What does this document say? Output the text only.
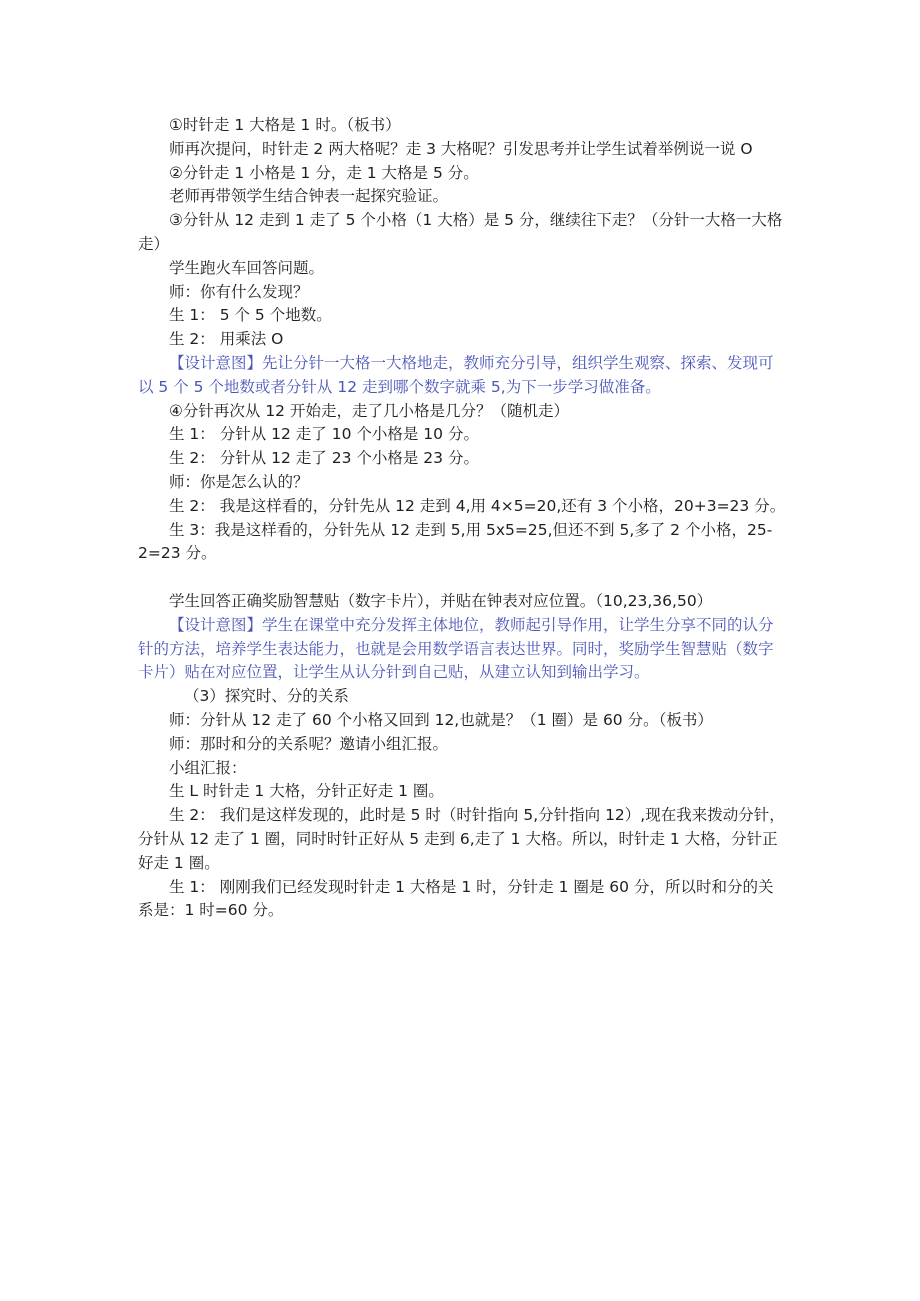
①时针走 1 大格是 1 时。（板书）

师再次提问，时针走 2 两大格呢？走 3 大格呢？引发思考并让学生试着举例说一说 O

②分针走 1 小格是 1 分，走 1 大格是 5 分。

老师再带领学生结合钟表一起探究验证。

③分针从 12 走到 1 走了 5 个小格（1 大格）是 5 分，继续往下走？（分针一大格一大格走）

学生跑火车回答问题。

师：你有什么发现？

生 1： 5 个 5 个地数。

生 2： 用乘法 O

【设计意图】先让分针一大格一大格地走，教师充分引导，组织学生观察、探索、发现可以 5 个 5 个地数或者分针从 12 走到哪个数字就乘 5,为下一步学习做准备。

④分针再次从 12 开始走，走了几小格是几分？（随机走）

生 1： 分针从 12 走了 10 个小格是 10 分。

生 2： 分针从 12 走了 23 个小格是 23 分。

师：你是怎么认的？

生 2： 我是这样看的，分针先从 12 走到 4,用 4×5=20,还有 3 个小格，20+3=23 分。

生 3：我是这样看的，分针先从 12 走到 5,用 5x5=25,但还不到 5,多了 2 个小格，25-2=23 分。

学生回答正确奖励智慧贴（数字卡片），并贴在钟表对应位置。（10,23,36,50）

【设计意图】学生在课堂中充分发挥主体地位，教师起引导作用，让学生分享不同的认分针的方法，培养学生表达能力，也就是会用数学语言表达世界。同时，奖励学生智慧贴（数字卡片）贴在对应位置，让学生从认分针到自己贴，从建立认知到输出学习。

（3）探究时、分的关系

师：分针从 12 走了 60 个小格又回到 12,也就是？（1 圈）是 60 分。（板书）

师：那时和分的关系呢？邀请小组汇报。

小组汇报：

生 L 时针走 1 大格，分针正好走 1 圈。

生 2： 我们是这样发现的，此时是 5 时（时针指向 5,分针指向 12）,现在我来拨动分针，分针从 12 走了 1 圈，同时时针正好从 5 走到 6,走了 1 大格。所以，时针走 1 大格，分针正好走 1 圈。

生 1： 刚刚我们已经发现时针走 1 大格是 1 时，分针走 1 圈是 60 分，所以时和分的关系是：1 时=60 分。
